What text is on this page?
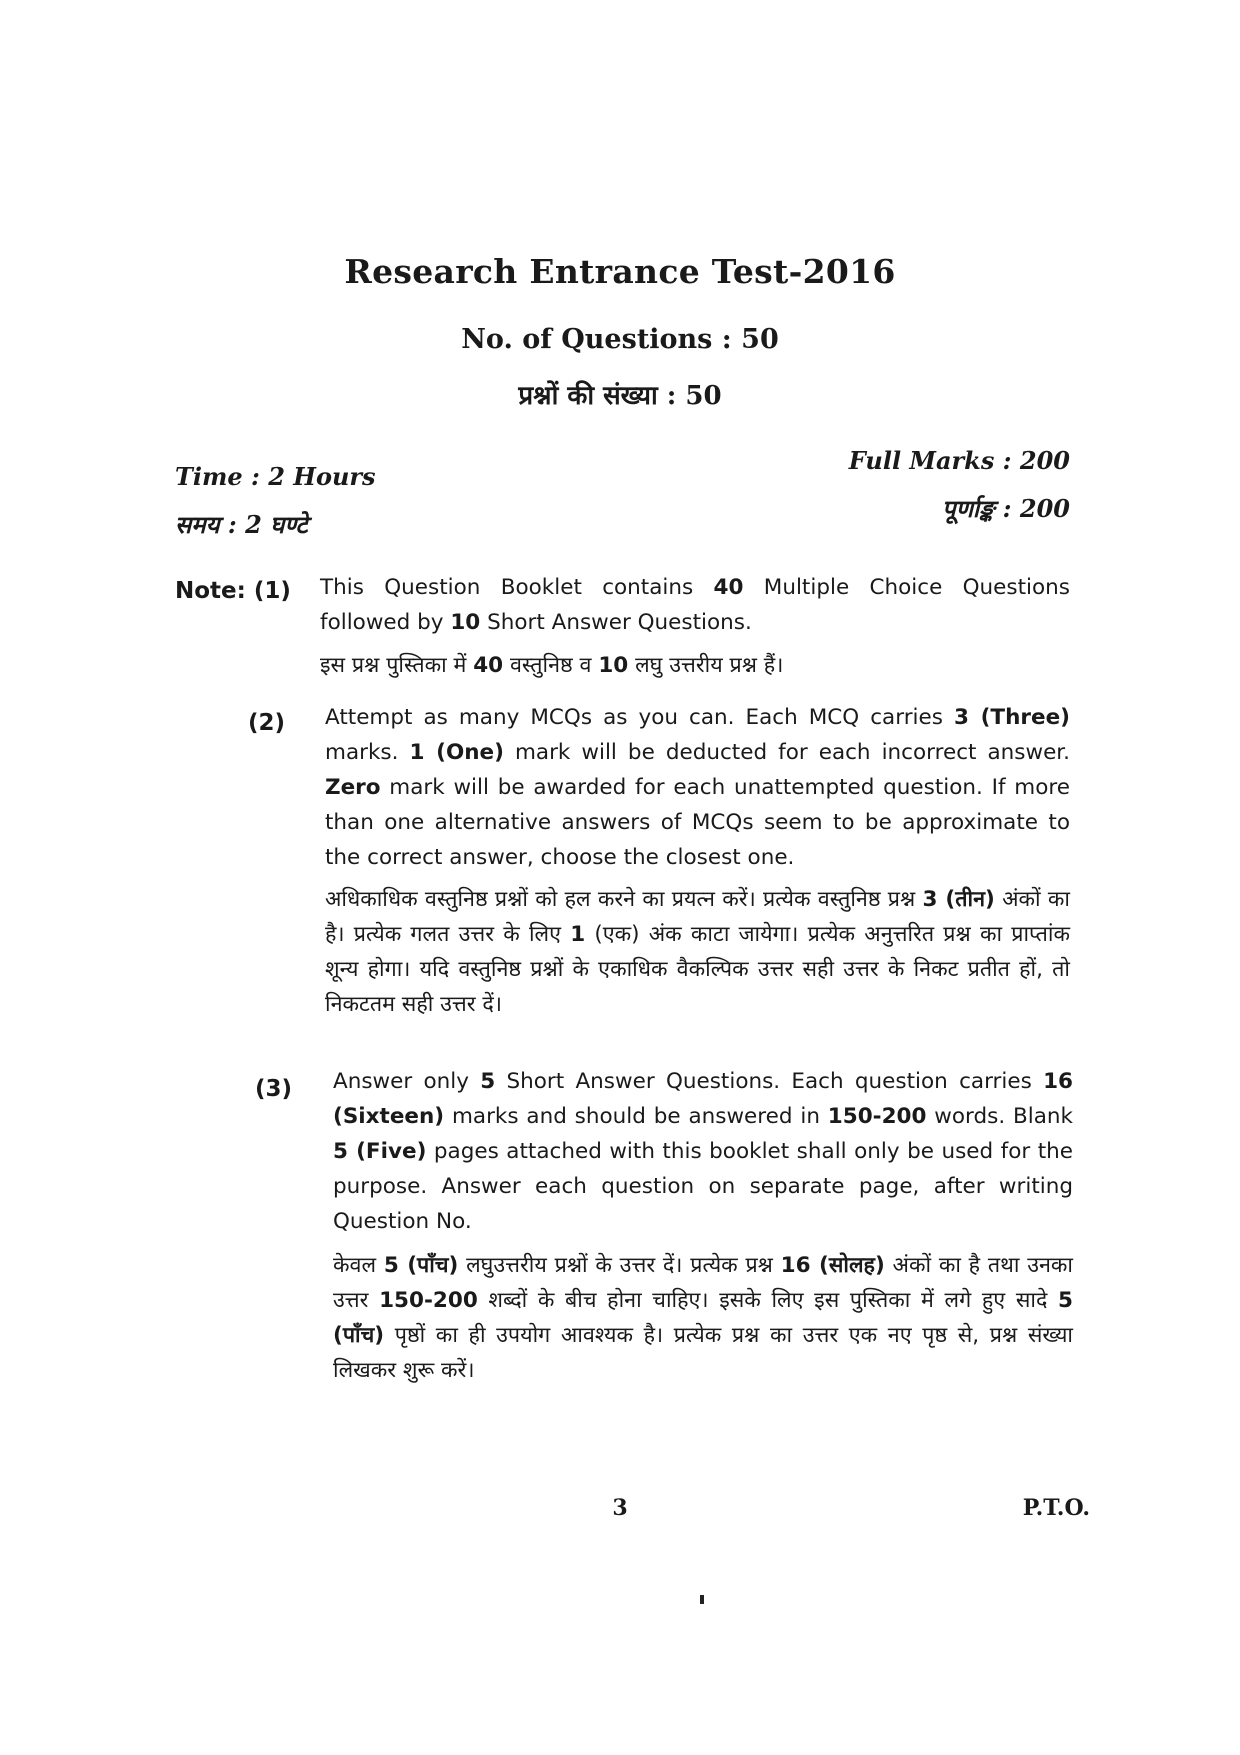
Research Entrance Test-2016
No. of Questions : 50
प्रश्नों की संख्या : 50
Time : 2 Hours
समय : 2 घण्टे
Full Marks : 200
पूर्णाङ्क : 200
Note: (1) This Question Booklet contains 40 Multiple Choice Questions followed by 10 Short Answer Questions.
इस प्रश्न पुस्तिका में 40 वस्तुनिष्ठ व 10 लघु उत्तरीय प्रश्न हैं।
(2) Attempt as many MCQs as you can. Each MCQ carries 3 (Three) marks. 1 (One) mark will be deducted for each incorrect answer. Zero mark will be awarded for each unattempted question. If more than one alternative answers of MCQs seem to be approximate to the correct answer, choose the closest one.
अधिकाधिक वस्तुनिष्ठ प्रश्नों को हल करने का प्रयत्न करें। प्रत्येक वस्तुनिष्ठ प्रश्न 3 (तीन) अंकों का है। प्रत्येक गलत उत्तर के लिए 1 (एक) अंक काटा जायेगा। प्रत्येक अनुत्तरित प्रश्न का प्राप्तांक शून्य होगा। यदि वस्तुनिष्ठ प्रश्नों के एकाधिक वैकल्पिक उत्तर सही उत्तर के निकट प्रतीत हों, तो निकटतम सही उत्तर दें।
(3) Answer only 5 Short Answer Questions. Each question carries 16 (Sixteen) marks and should be answered in 150-200 words. Blank 5 (Five) pages attached with this booklet shall only be used for the purpose. Answer each question on separate page, after writing Question No.
केवल 5 (पाँच) लघुउत्तरीय प्रश्नों के उत्तर दें। प्रत्येक प्रश्न 16 (सोलह) अंकों का है तथा उनका उत्तर 150-200 शब्दों के बीच होना चाहिए। इसके लिए इस पुस्तिका में लगे हुए सादे 5 (पाँच) पृष्ठों का ही उपयोग आवश्यक है। प्रत्येक प्रश्न का उत्तर एक नए पृष्ठ से, प्रश्न संख्या लिखकर शुरू करें।
3	P.T.O.
